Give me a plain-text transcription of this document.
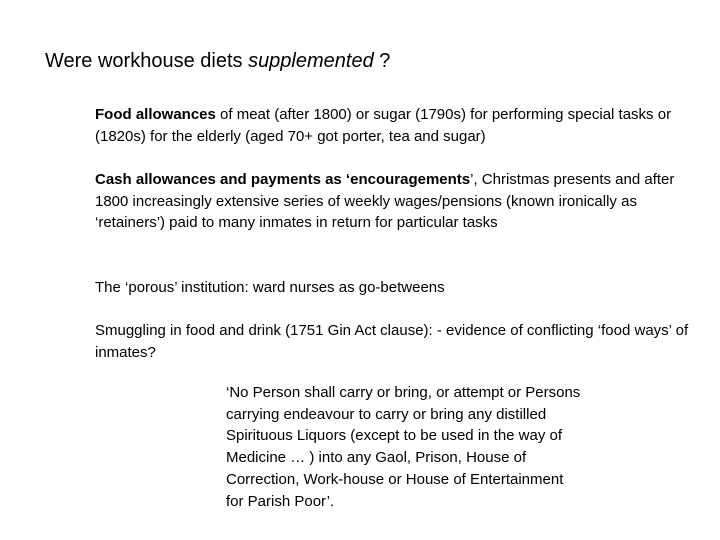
Were workhouse diets supplemented ?
Food allowances of meat (after 1800) or sugar (1790s) for performing special tasks or (1820s) for the elderly (aged 70+ got porter, tea and sugar)
Cash allowances and payments as ‘encouragements’, Christmas presents and after 1800 increasingly extensive series of weekly wages/pensions (known ironically as ‘retainers’) paid to many inmates in return for particular tasks
The ‘porous’ institution: ward nurses as go-betweens
Smuggling in food and drink (1751 Gin Act clause): - evidence of conflicting ‘food ways’ of inmates?
‘No Person shall carry or bring, or attempt or Persons
carrying endeavour to carry or bring any distilled
Spirituous Liquors (except to be used in the way of
Medicine … ) into any Gaol, Prison, House of
Correction, Work-house or House of Entertainment
for Parish Poor’.
